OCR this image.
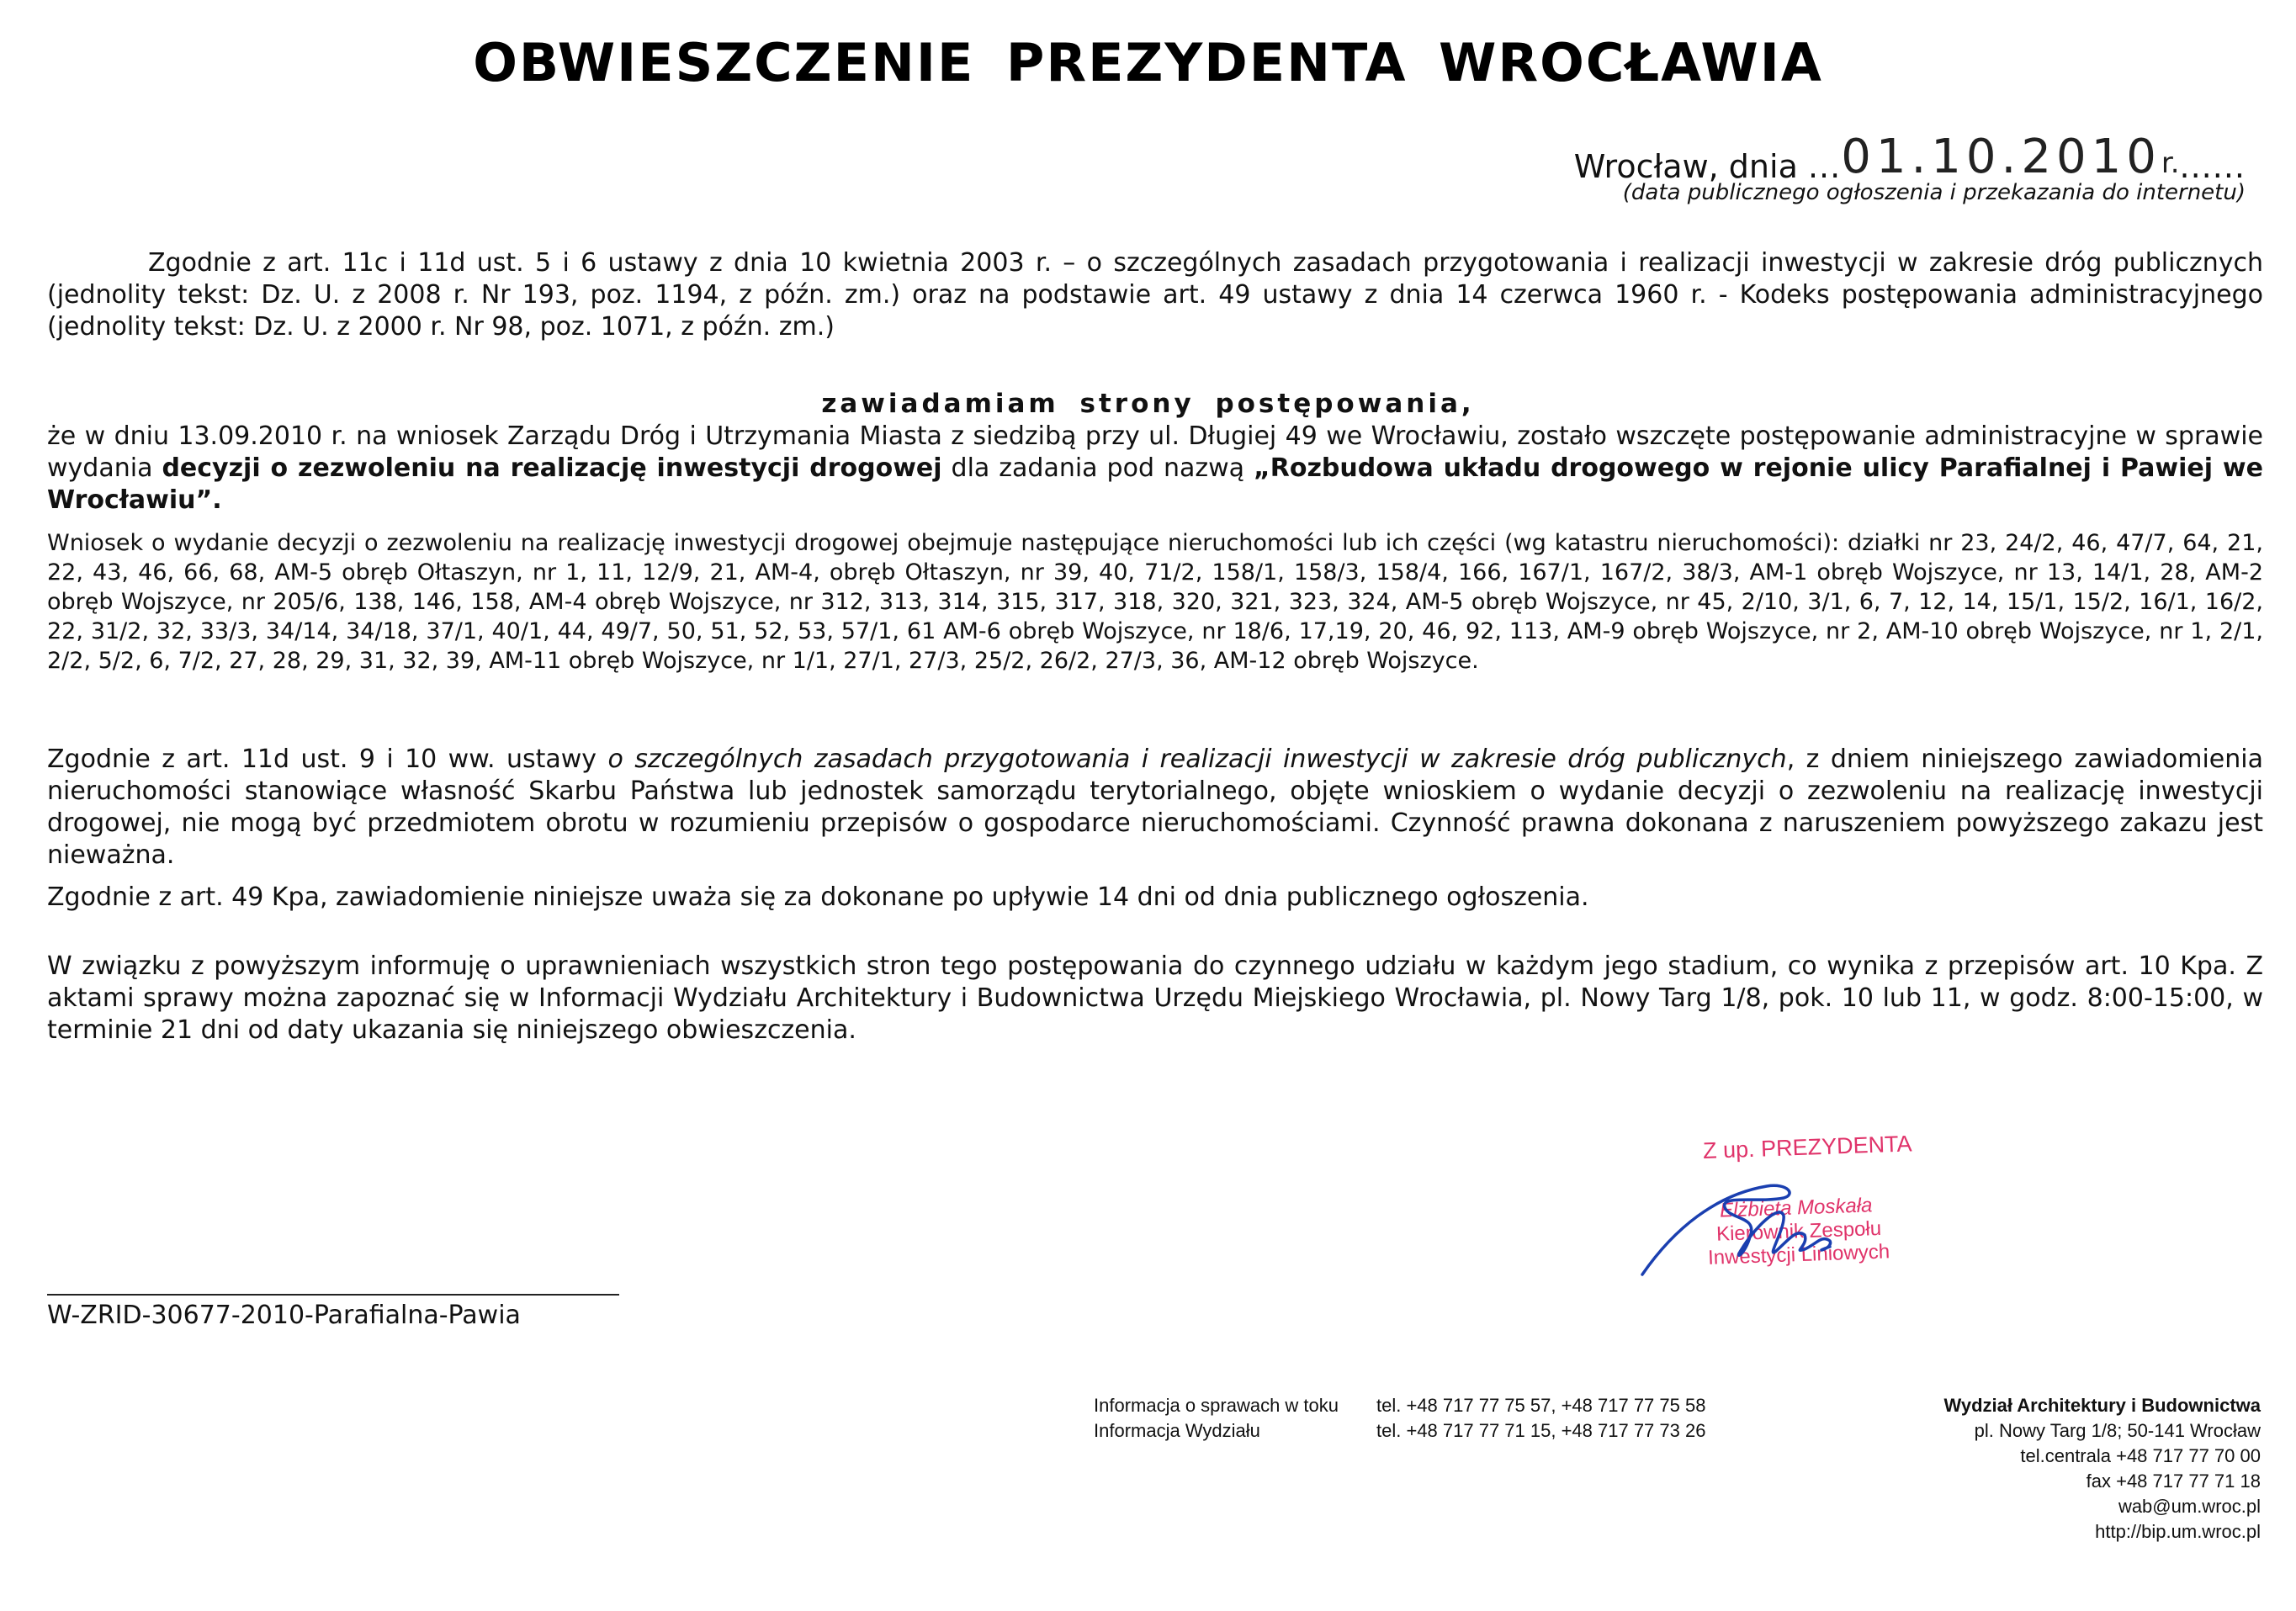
OBWIESZCZENIE PREZYDENTA WROCŁAWIA
Wrocław, dnia ...01.10.2010r.......
(data publicznego ogłoszenia i przekazania do internetu)
Zgodnie z art. 11c i 11d ust. 5 i 6 ustawy z dnia 10 kwietnia 2003 r. – o szczególnych zasadach przygotowania i realizacji inwestycji w zakresie dróg publicznych (jednolity tekst: Dz. U. z 2008 r. Nr 193, poz. 1194, z późn. zm.) oraz na podstawie art. 49 ustawy z dnia 14 czerwca 1960 r. - Kodeks postępowania administracyjnego (jednolity tekst: Dz. U. z 2000 r. Nr 98, poz. 1071, z późn. zm.)
zawiadamiam strony postępowania,
że w dniu 13.09.2010 r. na wniosek Zarządu Dróg i Utrzymania Miasta z siedzibą przy ul. Długiej 49 we Wrocławiu, zostało wszczęte postępowanie administracyjne w sprawie wydania decyzji o zezwoleniu na realizację inwestycji drogowej dla zadania pod nazwą „Rozbudowa układu drogowego w rejonie ulicy Parafialnej i Pawiej we Wrocławiu”.
Wniosek o wydanie decyzji o zezwoleniu na realizację inwestycji drogowej obejmuje następujące nieruchomości lub ich części (wg katastru nieruchomości): działki nr 23, 24/2, 46, 47/7, 64, 21, 22, 43, 46, 66, 68, AM-5 obręb Ołtaszyn, nr 1, 11, 12/9, 21, AM-4, obręb Ołtaszyn, nr 39, 40, 71/2, 158/1, 158/3, 158/4, 166, 167/1, 167/2, 38/3, AM-1 obręb Wojszyce, nr 13, 14/1, 28, AM-2 obręb Wojszyce, nr 205/6, 138, 146, 158, AM-4 obręb Wojszyce, nr 312, 313, 314, 315, 317, 318, 320, 321, 323, 324, AM-5 obręb Wojszyce, nr 45, 2/10, 3/1, 6, 7, 12, 14, 15/1, 15/2, 16/1, 16/2, 22, 31/2, 32, 33/3, 34/14, 34/18, 37/1, 40/1, 44, 49/7, 50, 51, 52, 53, 57/1, 61 AM-6 obręb Wojszyce, nr 18/6, 17,19, 20, 46, 92, 113, AM-9 obręb Wojszyce, nr 2, AM-10 obręb Wojszyce, nr 1, 2/1, 2/2, 5/2, 6, 7/2, 27, 28, 29, 31, 32, 39, AM-11 obręb Wojszyce, nr 1/1, 27/1, 27/3, 25/2, 26/2, 27/3, 36, AM-12 obręb Wojszyce.
Zgodnie z art. 11d ust. 9 i 10 ww. ustawy o szczególnych zasadach przygotowania i realizacji inwestycji w zakresie dróg publicznych, z dniem niniejszego zawiadomienia nieruchomości stanowiące własność Skarbu Państwa lub jednostek samorządu terytorialnego, objęte wnioskiem o wydanie decyzji o zezwoleniu na realizację inwestycji drogowej, nie mogą być przedmiotem obrotu w rozumieniu przepisów o gospodarce nieruchomościami. Czynność prawna dokonana z naruszeniem powyższego zakazu jest nieważna.
Zgodnie z art. 49 Kpa, zawiadomienie niniejsze uważa się za dokonane po upływie 14 dni od dnia publicznego ogłoszenia.
W związku z powyższym informuję o uprawnieniach wszystkich stron tego postępowania do czynnego udziału w każdym jego stadium, co wynika z przepisów art. 10 Kpa. Z aktami sprawy można zapoznać się w Informacji Wydziału Architektury i Budownictwa Urzędu Miejskiego Wrocławia, pl. Nowy Targ 1/8, pok. 10 lub 11, w godz. 8:00-15:00, w terminie 21 dni od daty ukazania się niniejszego obwieszczenia.
Z up. PREZYDENTA
Elżbieta Moskała
Kierownik Zespołu
Inwestycji Liniowych
W-ZRID-30677-2010-Parafialna-Pawia
Informacja o sprawach w toku	tel. +48 717 77 75 57, +48 717 77 75 58
Informacja Wydziału	tel. +48 717 77 71 15, +48 717 77 73 26
Wydział Architektury i Budownictwa
pl. Nowy Targ 1/8; 50-141 Wrocław
tel.centrala +48 717 77 70 00
fax +48 717 77 71 18
wab@um.wroc.pl
http://bip.um.wroc.pl
